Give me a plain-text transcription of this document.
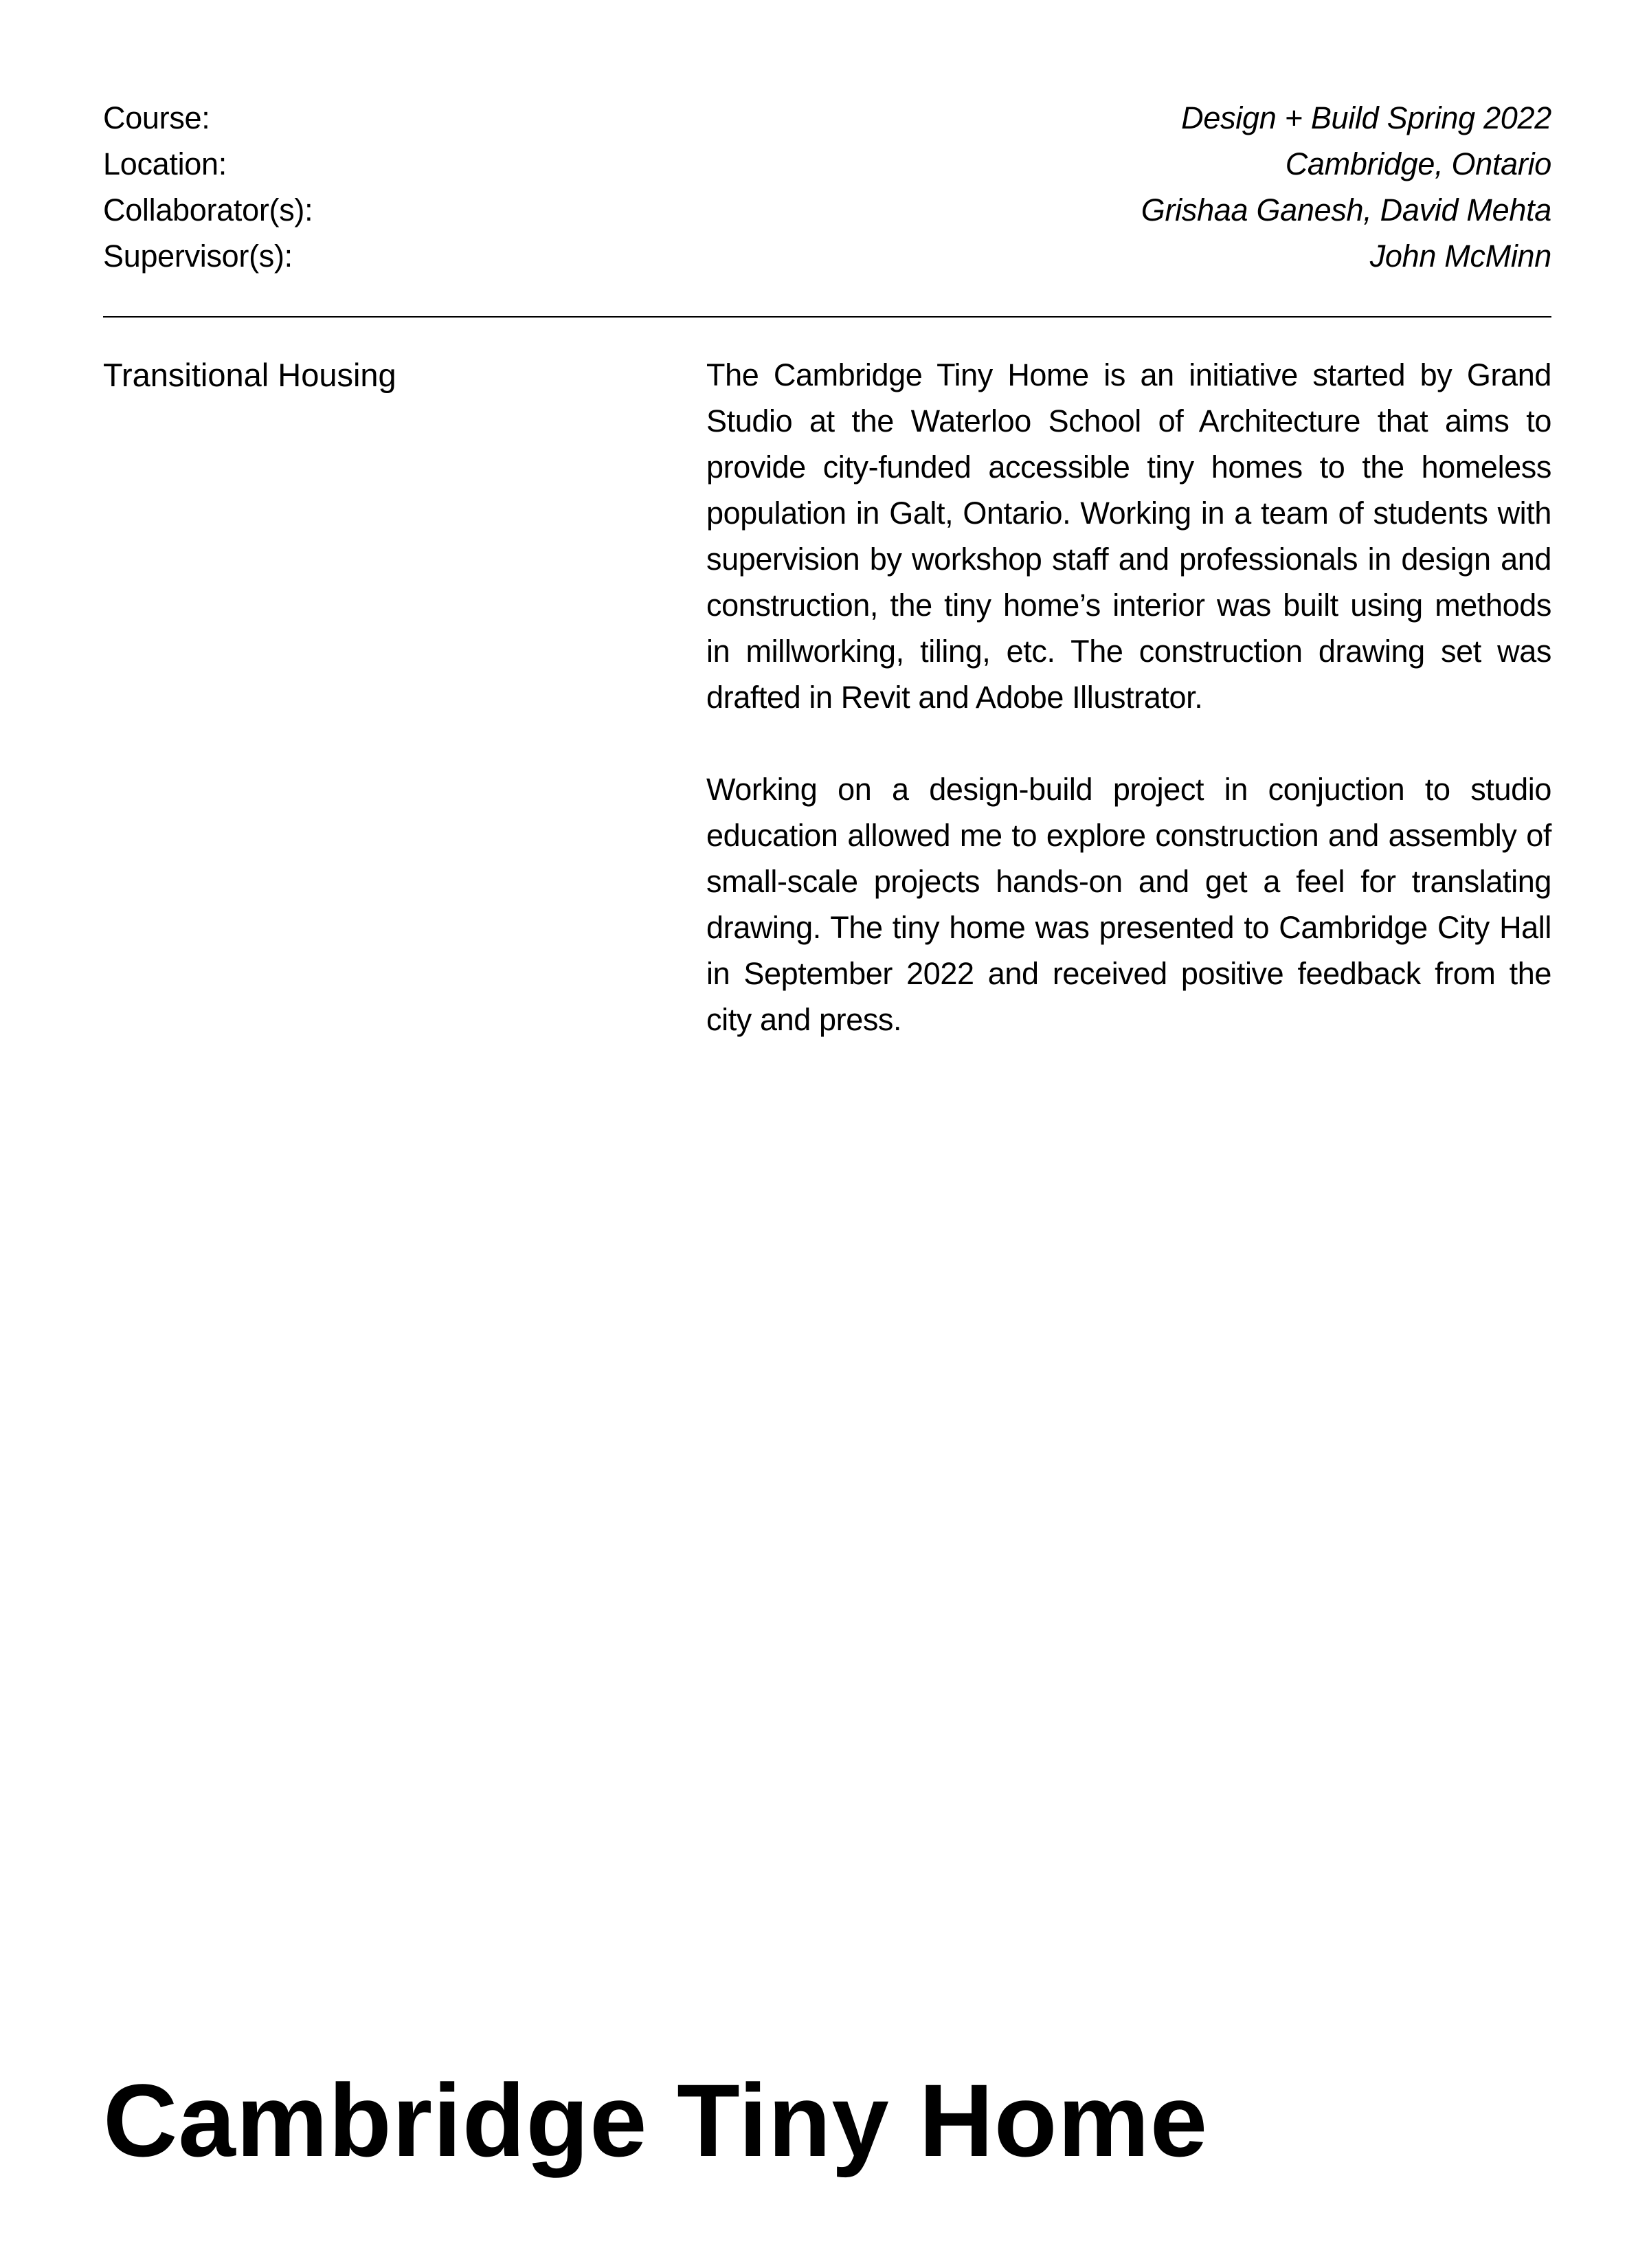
Course:	Design + Build Spring 2022
Location:	Cambridge, Ontario
Collaborator(s):	Grishaa Ganesh, David Mehta
Supervisor(s):	John McMinn
Transitional Housing	The Cambridge Tiny Home is an initiative started by Grand Studio at the Waterloo School of Architecture that aims to provide city-funded accessible tiny homes to the homeless population in Galt, Ontario. Working in a team of students with supervision by workshop staff and professionals in design and construction, the tiny home’s interior was built using methods in millworking, tiling, etc. The construction drawing set was drafted in Revit and Adobe Illustrator.

Working on a design-build project in conjuction to studio education allowed me to explore construction and assembly of small-scale projects hands-on and get a feel for translating drawing. The tiny home was presented to Cambridge City Hall in September 2022 and received positive feedback from the city and press.

Cambridge Tiny Home
